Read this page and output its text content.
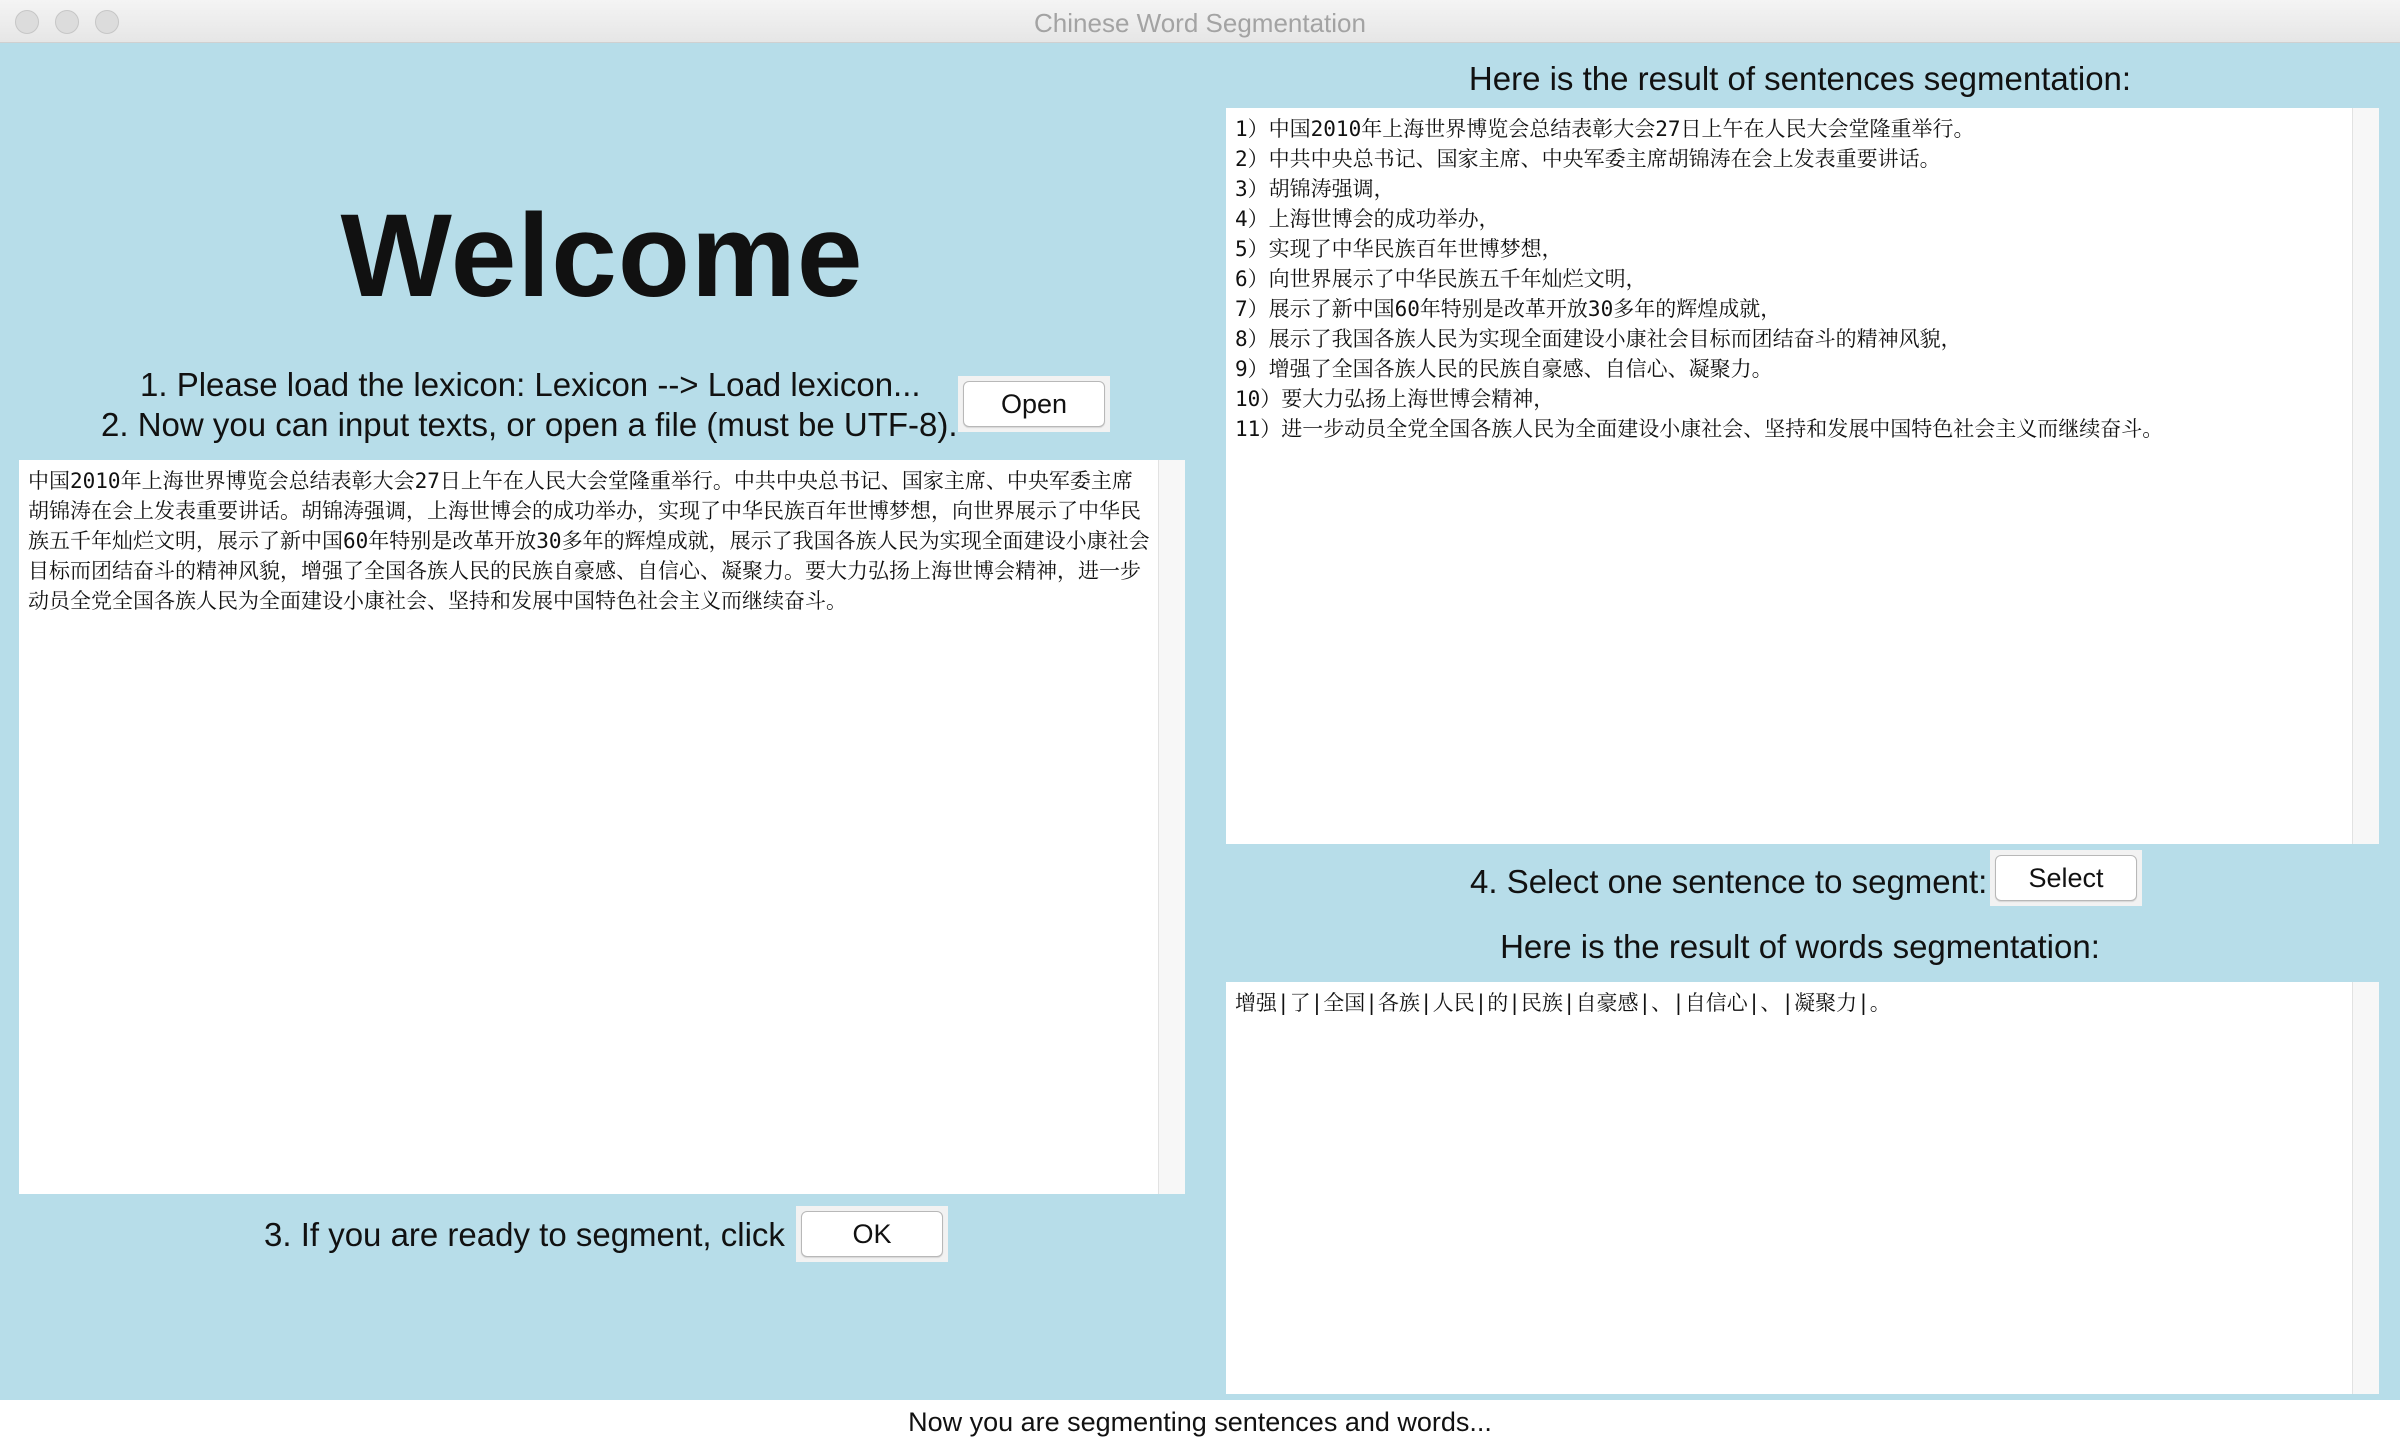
Chinese Word Segmentation
Welcome
1. Please load the lexicon: Lexicon --> Load lexicon...
2. Now you can input texts, or open a file (must be UTF-8).
Open
中国2010年上海世界博览会总结表彰大会27日上午在人民大会堂隆重举行。中共中央总书记、国家主席、中央军委主席胡锦涛在会上发表重要讲话。胡锦涛强调，上海世博会的成功举办，实现了中华民族百年世博梦想，向世界展示了中华民族五千年灿烂文明，展示了新中国60年特别是改革开放30多年的辉煌成就，展示了我国各族人民为实现全面建设小康社会目标而团结奋斗的精神风貌，增强了全国各族人民的民族自豪感、自信心、凝聚力。要大力弘扬上海世博会精神，进一步动员全党全国各族人民为全面建设小康社会、坚持和发展中国特色社会主义而继续奋斗。
3. If you are ready to segment, click	OK
Here is the result of sentences segmentation:
1）中国2010年上海世界博览会总结表彰大会27日上午在人民大会堂隆重举行。
2）中共中央总书记、国家主席、中央军委主席胡锦涛在会上发表重要讲话。
3）胡锦涛强调，
4）上海世博会的成功举办，
5）实现了中华民族百年世博梦想，
6）向世界展示了中华民族五千年灿烂文明，
7）展示了新中国60年特别是改革开放30多年的辉煌成就，
8）展示了我国各族人民为实现全面建设小康社会目标而团结奋斗的精神风貌，
9）增强了全国各族人民的民族自豪感、自信心、凝聚力。
10）要大力弘扬上海世博会精神，
11）进一步动员全党全国各族人民为全面建设小康社会、坚持和发展中国特色社会主义而继续奋斗。
4. Select one sentence to segment:	Select
Here is the result of words segmentation:
增强|了|全国|各族|人民|的|民族|自豪感|、|自信心|、|凝聚力|。
Now you are segmenting sentences and words...
